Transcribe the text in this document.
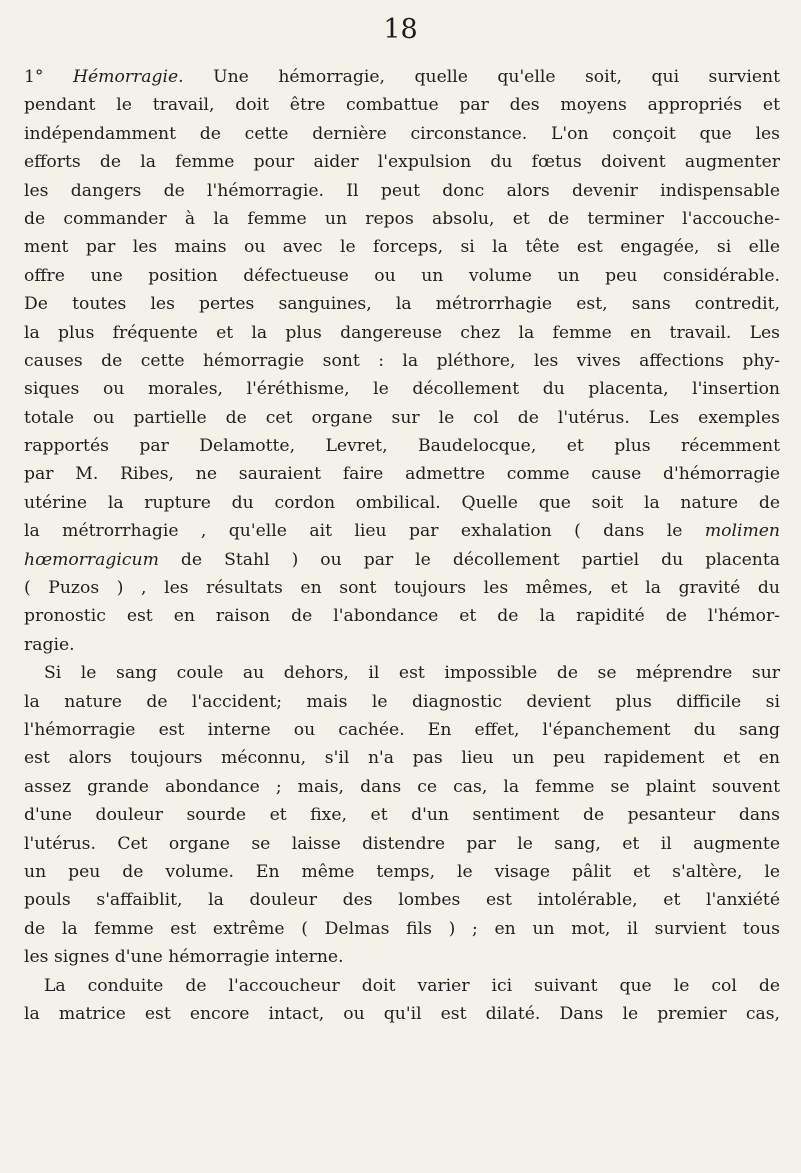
18
1° Hémorragie. Une hémorragie, quelle qu'elle soit, qui survient
pendant le travail, doit être combattue par des moyens appropriés et
indépendamment de cette dernière circonstance. L'on conçoit que les
efforts de la femme pour aider l'expulsion du fœtus doivent augmenter
les dangers de l'hémorragie. Il peut donc alors devenir indispensable
de commander à la femme un repos absolu, et de terminer l'accouche-
ment par les mains ou avec le forceps, si la tête est engagée, si elle
offre une position défectueuse ou un volume un peu considérable.
De toutes les pertes sanguines, la métrorrhagie est, sans contredit,
la plus fréquente et la plus dangereuse chez la femme en travail. Les
causes de cette hémorragie sont : la pléthore, les vives affections phy-
siques ou morales, l'éréthisme, le décollement du placenta, l'insertion
totale ou partielle de cet organe sur le col de l'utérus. Les exemples
rapportés par Delamotte, Levret, Baudelocque, et plus récemment
par M. Ribes, ne sauraient faire admettre comme cause d'hémorragie
utérine la rupture du cordon ombilical. Quelle que soit la nature de
la métrorrhagie , qu'elle ait lieu par exhalation ( dans le molimen
hœmorragicum de Stahl ) ou par le décollement partiel du placenta
( Puzos ) , les résultats en sont toujours les mêmes, et la gravité du
pronostic est en raison de l'abondance et de la rapidité de l'hémor-
ragie.
Si le sang coule au dehors, il est impossible de se méprendre sur
la nature de l'accident; mais le diagnostic devient plus difficile si
l'hémorragie est interne ou cachée. En effet, l'épanchement du sang
est alors toujours méconnu, s'il n'a pas lieu un peu rapidement et en
assez grande abondance ; mais, dans ce cas, la femme se plaint souvent
d'une douleur sourde et fixe, et d'un sentiment de pesanteur dans
l'utérus. Cet organe se laisse distendre par le sang, et il augmente
un peu de volume. En même temps, le visage pâlit et s'altère, le
pouls s'affaiblit, la douleur des lombes est intolérable, et l'anxiété
de la femme est extrême ( Delmas fils ) ; en un mot, il survient tous
les signes d'une hémorragie interne.
La conduite de l'accoucheur doit varier ici suivant que le col de
la matrice est encore intact, ou qu'il est dilaté. Dans le premier cas,
